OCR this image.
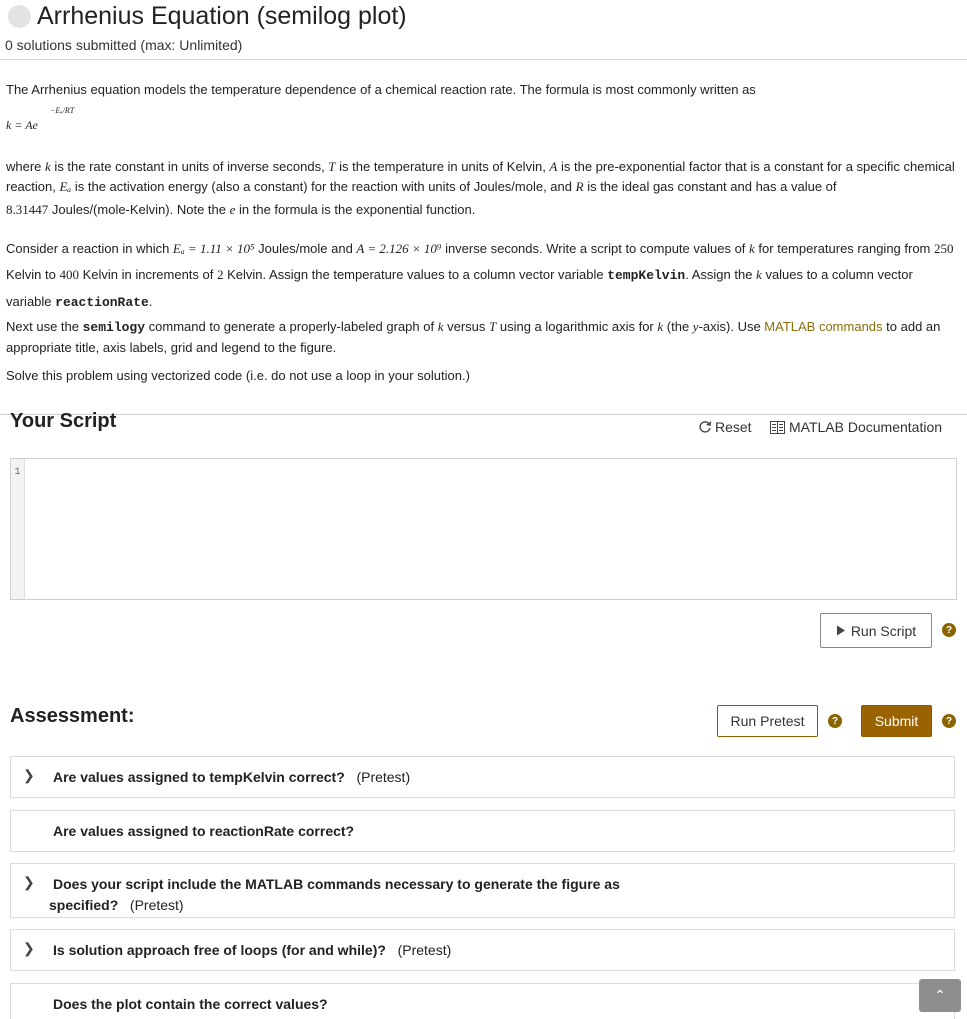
Arrhenius Equation (semilog plot)
0 solutions submitted (max: Unlimited)
The Arrhenius equation models the temperature dependence of a chemical reaction rate. The formula is most commonly written as
k = Ae
−Eₐ/RT
where k is the rate constant in units of inverse seconds, T is the temperature in units of Kelvin, A is the pre-exponential factor that is a constant for a specific chemical reaction, Eₐ is the activation energy (also a constant) for the reaction with units of Joules/mole, and R is the ideal gas constant and has a value of
8.31447 Joules/(mole-Kelvin). Note the e in the formula is the exponential function.
Consider a reaction in which Eₐ = 1.11 × 10⁵ Joules/mole and A = 2.126 × 10⁹ inverse seconds. Write a script to compute values of k for temperatures ranging from 250 Kelvin to 400 Kelvin in increments of 2 Kelvin. Assign the temperature values to a column vector variable tempKelvin. Assign the k values to a column vector variable reactionRate.
Next use the semilogy command to generate a properly-labeled graph of k versus T using a logarithmic axis for k (the y-axis). Use MATLAB commands to add an appropriate title, axis labels, grid and legend to the figure.
Solve this problem using vectorized code (i.e. do not use a loop in your solution.)
Your Script	Reset	MATLAB Documentation
1
Run Script	?
Assessment:	Run Pretest	?	Submit	?
❯ Are values assigned to tempKelvin correct? (Pretest)
Are values assigned to reactionRate correct?
❯ Does your script include the MATLAB commands necessary to generate the figure as
specified? (Pretest)
❯ Is solution approach free of loops (for and while)? (Pretest)
Does the plot contain the correct values?
⌃
